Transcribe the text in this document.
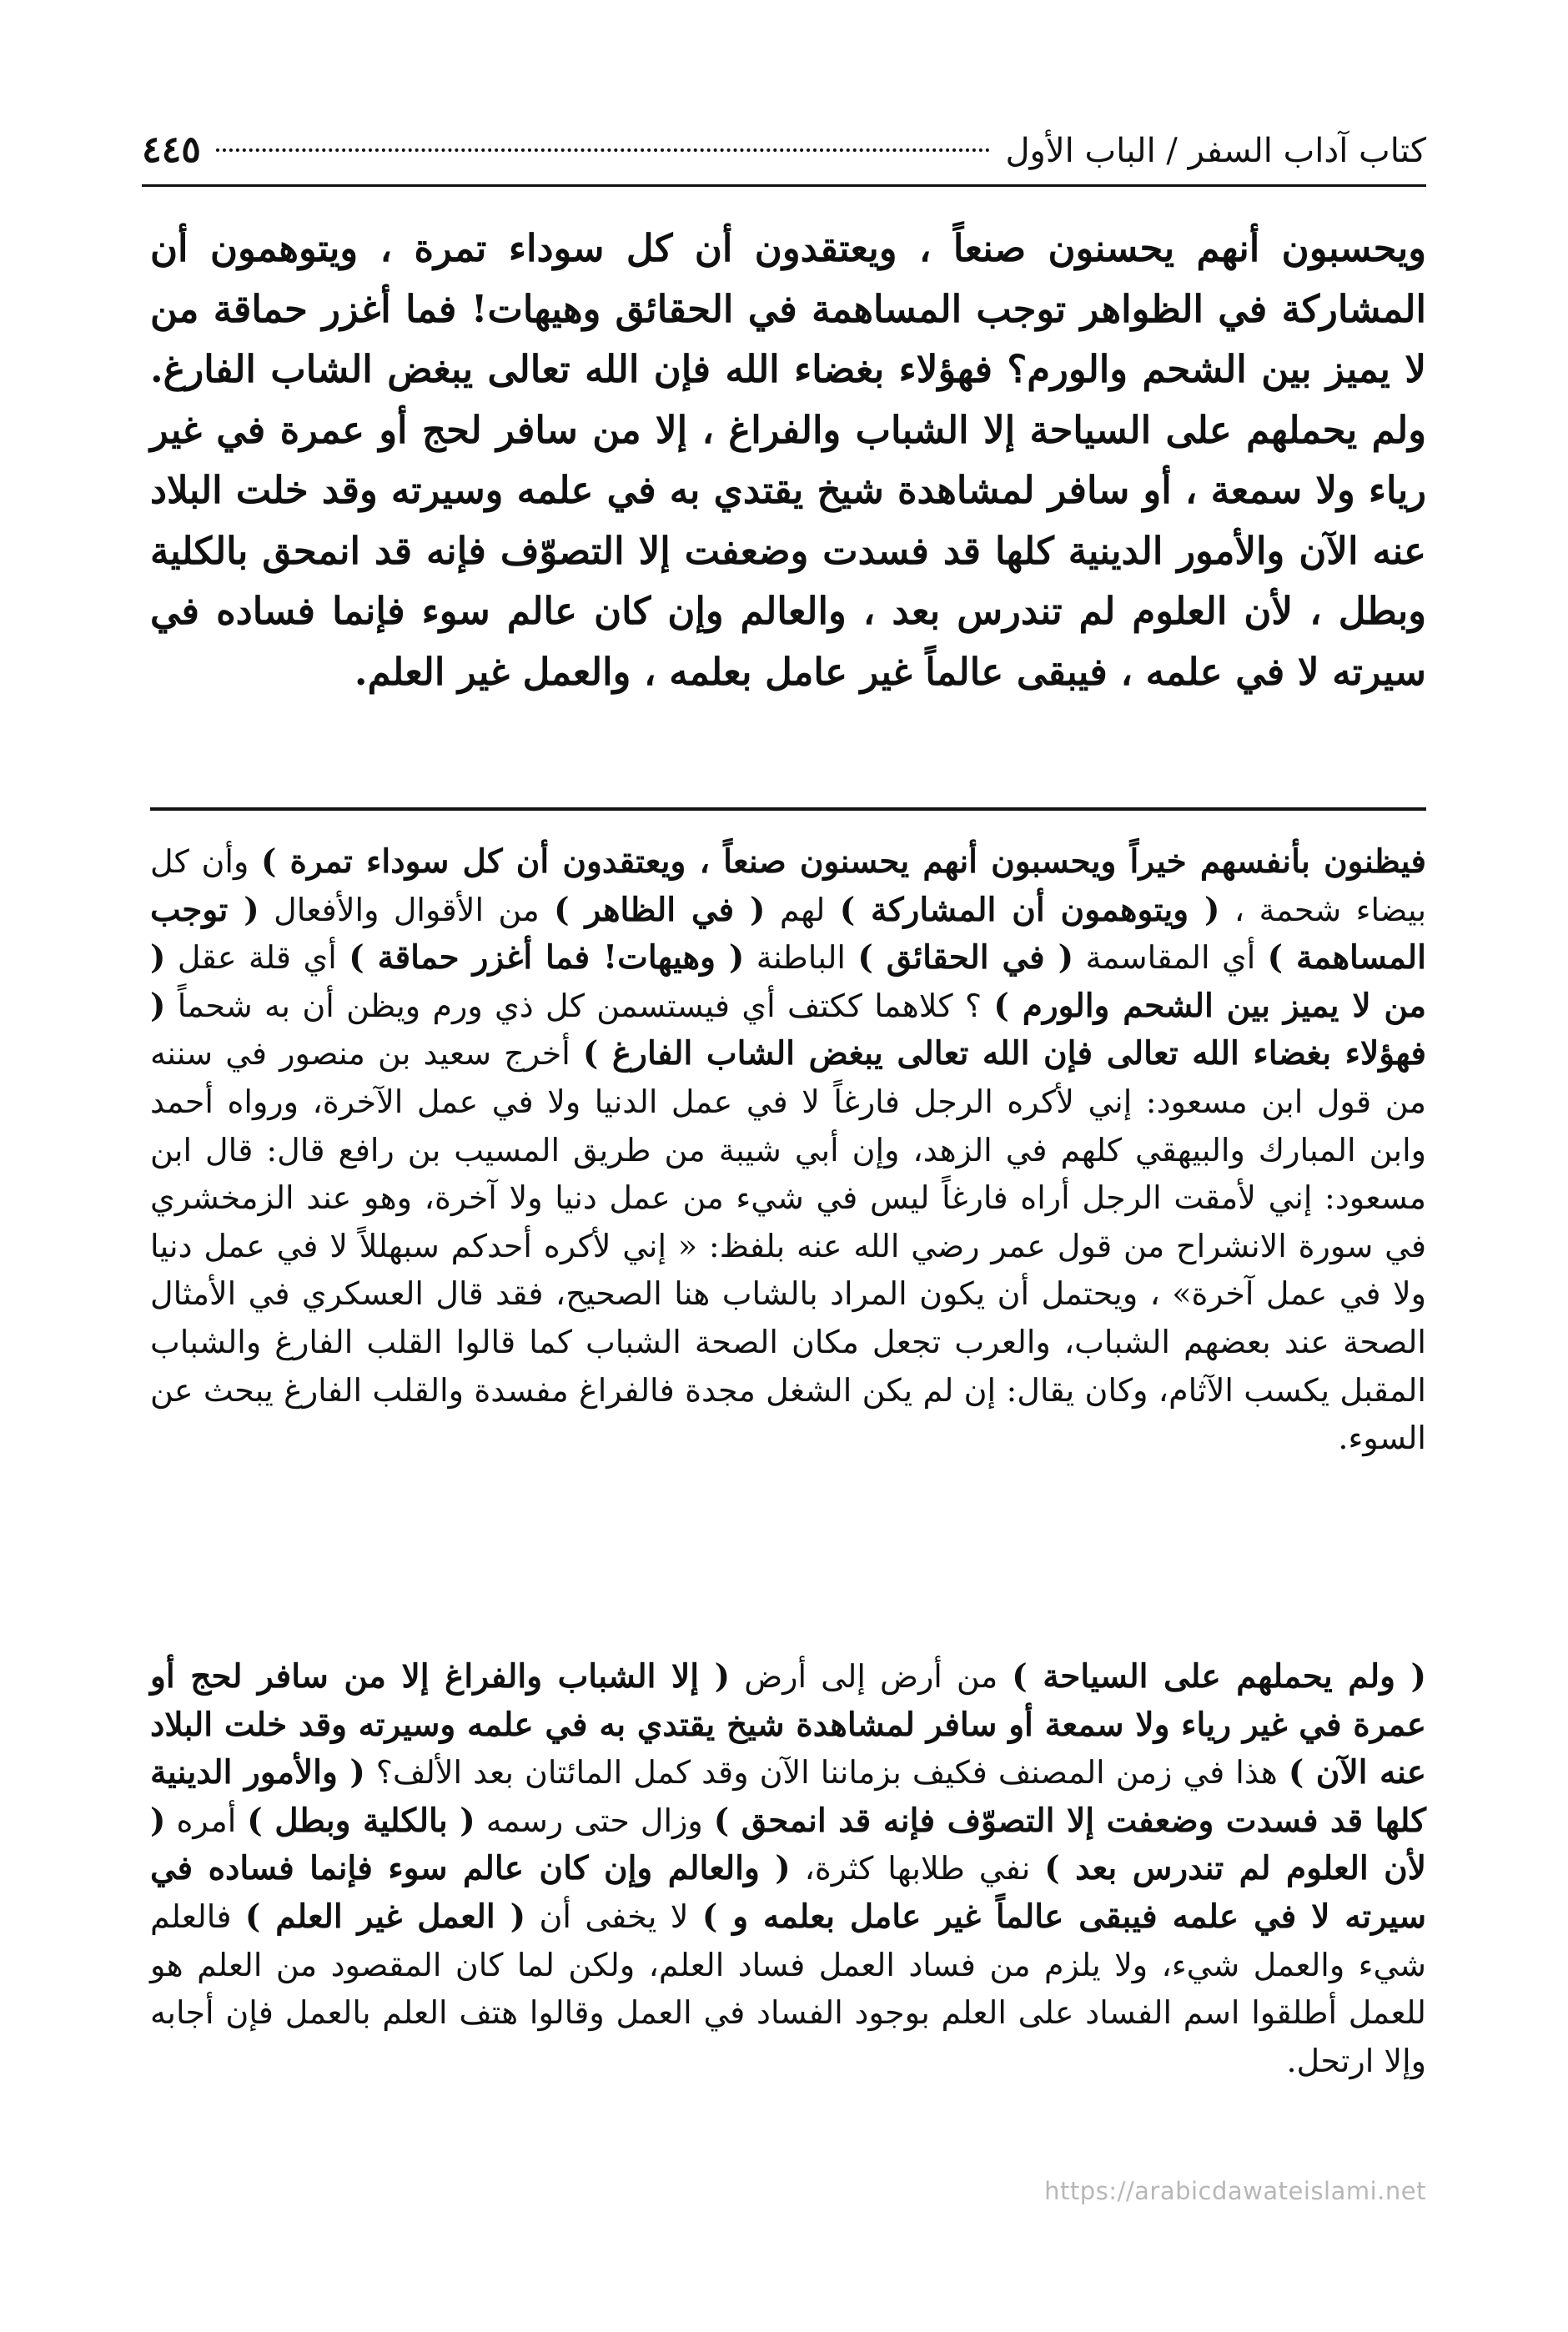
كتاب آداب السفر / الباب الأول
٤٤٥

ويحسبون أنهم يحسنون صنعاً ، ويعتقدون أن كل سوداء تمرة ، ويتوهمون أن المشاركة في الظواهر توجب المساهمة في الحقائق وهيهات! فما أغزر حماقة من لا يميز بين الشحم والورم؟ فهؤلاء بغضاء الله فإن الله تعالى يبغض الشاب الفارغ. ولم يحملهم على السياحة إلا الشباب والفراغ ، إلا من سافر لحج أو عمرة في غير رياء ولا سمعة ، أو سافر لمشاهدة شيخ يقتدي به في علمه وسيرته وقد خلت البلاد عنه الآن والأمور الدينية كلها قد فسدت وضعفت إلا التصوّف فإنه قد انمحق بالكلية وبطل ، لأن العلوم لم تندرس بعد ، والعالم وإن كان عالم سوء فإنما فساده في سيرته لا في علمه ، فيبقى عالماً غير عامل بعلمه ، والعمل غير العلم.

فيظنون بأنفسهم خيراً ويحسبون أنهم يحسنون صنعاً ، ويعتقدون أن كل سوداء تمرة ) وأن كل بيضاء شحمة ، ( ويتوهمون أن المشاركة ) لهم ( في الظاهر ) من الأقوال والأفعال ( توجب المساهمة ) أي المقاسمة ( في الحقائق ) الباطنة ( وهيهات! فما أغزر حماقة ) أي قلة عقل ( من لا يميز بين الشحم والورم ) ؟ كلاهما ككتف أي فيستسمن كل ذي ورم ويظن أن به شحماً ( فهؤلاء بغضاء الله تعالى فإن الله تعالى يبغض الشاب الفارغ ) أخرج سعيد بن منصور في سننه من قول ابن مسعود: إني لأكره الرجل فارغاً لا في عمل الدنيا ولا في عمل الآخرة، ورواه أحمد وابن المبارك والبيهقي كلهم في الزهد، وإن أبي شيبة من طريق المسيب بن رافع قال: قال ابن مسعود: إني لأمقت الرجل أراه فارغاً ليس في شيء من عمل دنيا ولا آخرة، وهو عند الزمخشري في سورة الانشراح من قول عمر رضي الله عنه بلفظ: « إني لأكره أحدكم سبهللاً لا في عمل دنيا ولا في عمل آخرة» ، ويحتمل أن يكون المراد بالشاب هنا الصحيح، فقد قال العسكري في الأمثال الصحة عند بعضهم الشباب، والعرب تجعل مكان الصحة الشباب كما قالوا القلب الفارغ والشباب المقبل يكسب الآثام، وكان يقال: إن لم يكن الشغل مجدة فالفراغ مفسدة والقلب الفارغ يبحث عن السوء.

( ولم يحملهم على السياحة ) من أرض إلى أرض ( إلا الشباب والفراغ إلا من سافر لحج أو عمرة في غير رياء ولا سمعة أو سافر لمشاهدة شيخ يقتدي به في علمه وسيرته وقد خلت البلاد عنه الآن ) هذا في زمن المصنف فكيف بزماننا الآن وقد كمل المائتان بعد الألف؟ ( والأمور الدينية كلها قد فسدت وضعفت إلا التصوّف فإنه قد انمحق ) وزال حتى رسمه ( بالكلية وبطل ) أمره ( لأن العلوم لم تندرس بعد ) نفي طلابها كثرة، ( والعالم وإن كان عالم سوء فإنما فساده في سيرته لا في علمه فيبقى عالماً غير عامل بعلمه و ) لا يخفى أن ( العمل غير العلم ) فالعلم شيء والعمل شيء، ولا يلزم من فساد العمل فساد العلم، ولكن لما كان المقصود من العلم هو للعمل أطلقوا اسم الفساد على العلم بوجود الفساد في العمل وقالوا هتف العلم بالعمل فإن أجابه وإلا ارتحل.

https://arabicdawateislami.net
